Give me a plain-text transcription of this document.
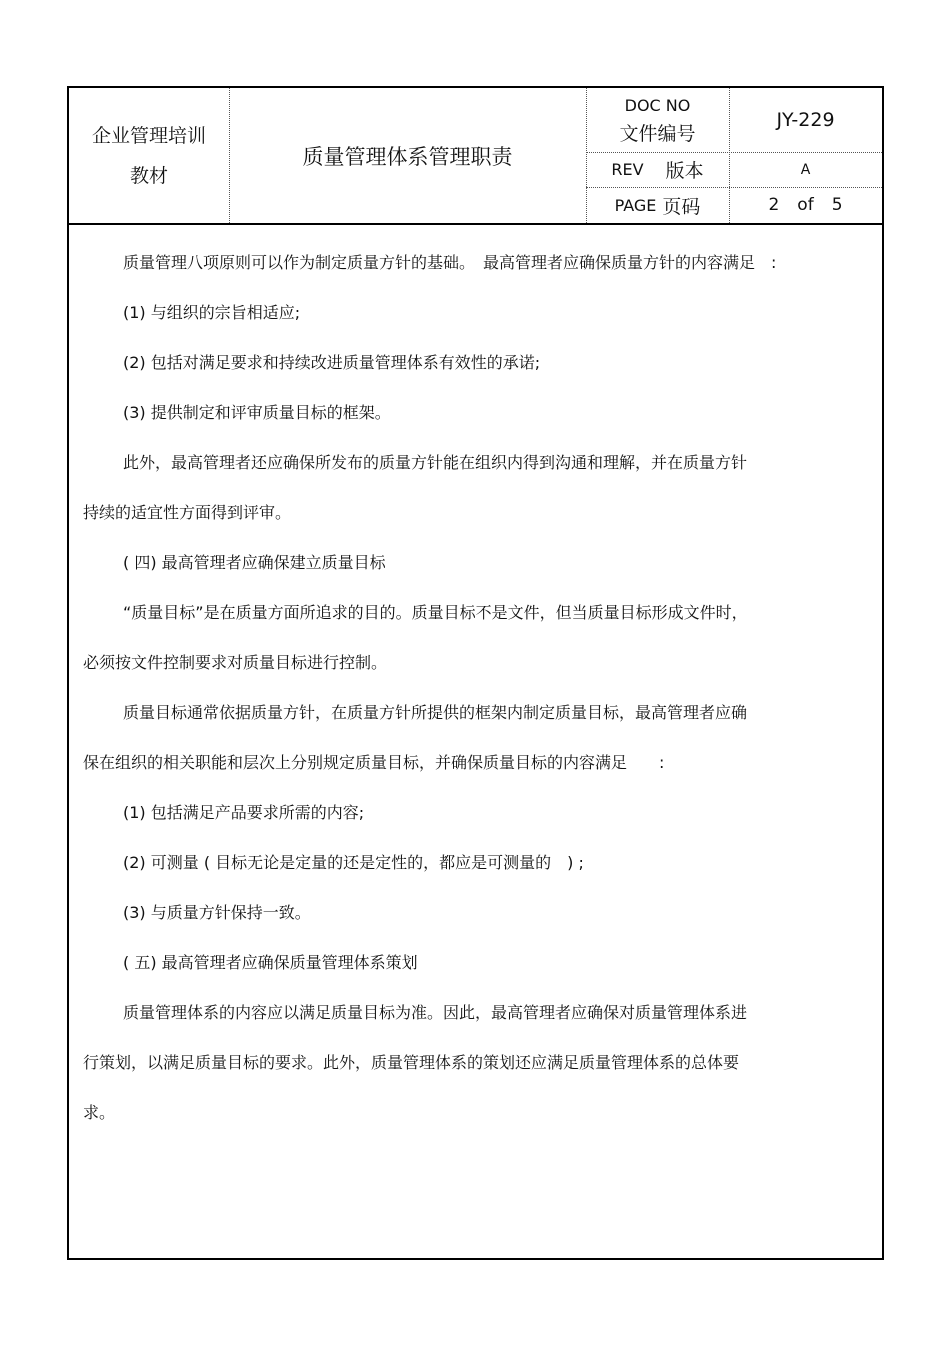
企业管理培训
教材
质量管理体系管理职责
DOC NO
文件编号
JY-229
REV 版本	A
PAGE 页码	2 of 5
质量管理八项原则可以作为制定质量方针的基础。　最高管理者应确保质量方针的内容满足　:
(1) 与组织的宗旨相适应;
(2) 包括对满足要求和持续改进质量管理体系有效性的承诺;
(3) 提供制定和评审质量目标的框架。
此外，最高管理者还应确保所发布的质量方针能在组织内得到沟通和理解，并在质量方针
持续的适宜性方面得到评审。
( 四) 最高管理者应确保建立质量目标
“质量目标”是在质量方面所追求的目的。质量目标不是文件，但当质量目标形成文件时，
必须按文件控制要求对质量目标进行控制。
质量目标通常依据质量方针，在质量方针所提供的框架内制定质量目标，最高管理者应确
保在组织的相关职能和层次上分别规定质量目标，并确保质量目标的内容满足　　:
(1) 包括满足产品要求所需的内容;
(2) 可测量 ( 目标无论是定量的还是定性的，都应是可测量的　) ;
(3) 与质量方针保持一致。
( 五) 最高管理者应确保质量管理体系策划
质量管理体系的内容应以满足质量目标为准。因此，最高管理者应确保对质量管理体系进
行策划，以满足质量目标的要求。此外，质量管理体系的策划还应满足质量管理体系的总体要
求。
